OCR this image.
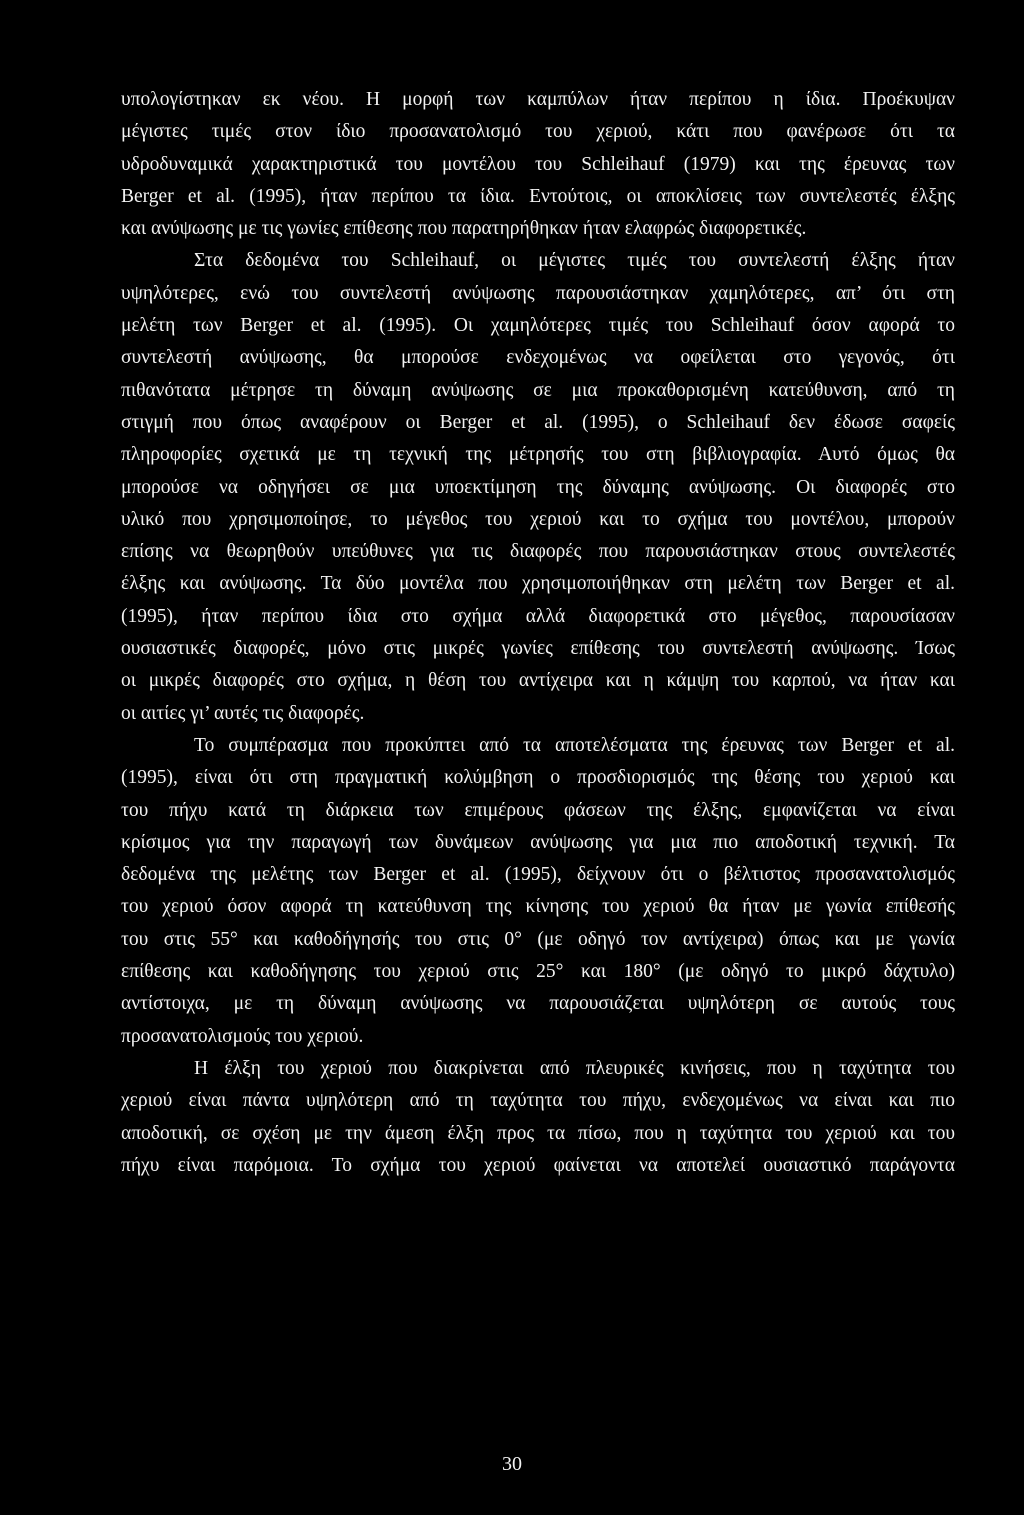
υπολογίστηκαν εκ νέου. Η μορφή των καμπύλων ήταν περίπου η ίδια. Προέκυψαν
μέγιστες τιμές στον ίδιο προσανατολισμό του χεριού, κάτι που φανέρωσε ότι τα
υδροδυναμικά χαρακτηριστικά του μοντέλου του Schleihauf (1979) και της έρευνας των
Berger et al. (1995), ήταν περίπου τα ίδια. Εντούτοις, οι αποκλίσεις των συντελεστές έλξης
και ανύψωσης με τις γωνίες επίθεσης που παρατηρήθηκαν ήταν ελαφρώς διαφορετικές.
Στα δεδομένα του Schleihauf, οι μέγιστες τιμές του συντελεστή έλξης ήταν
υψηλότερες, ενώ του συντελεστή ανύψωσης παρουσιάστηκαν χαμηλότερες, απ’ ότι στη
μελέτη των Berger et al. (1995). Οι χαμηλότερες τιμές του Schleihauf όσον αφορά το
συντελεστή ανύψωσης, θα μπορούσε ενδεχομένως να οφείλεται στο γεγονός, ότι
πιθανότατα μέτρησε τη δύναμη ανύψωσης σε μια προκαθορισμένη κατεύθυνση, από τη
στιγμή που όπως αναφέρουν οι Berger et al. (1995), ο Schleihauf δεν έδωσε σαφείς
πληροφορίες σχετικά με τη τεχνική της μέτρησής του στη βιβλιογραφία. Αυτό όμως θα
μπορούσε να οδηγήσει σε μια υποεκτίμηση της δύναμης ανύψωσης. Οι διαφορές στο
υλικό που χρησιμοποίησε, το μέγεθος του χεριού και το σχήμα του μοντέλου, μπορούν
επίσης να θεωρηθούν υπεύθυνες για τις διαφορές που παρουσιάστηκαν στους συντελεστές
έλξης και ανύψωσης. Τα δύο μοντέλα που χρησιμοποιήθηκαν στη μελέτη των Berger et al.
(1995), ήταν περίπου ίδια στο σχήμα αλλά διαφορετικά στο μέγεθος, παρουσίασαν
ουσιαστικές διαφορές, μόνο στις μικρές γωνίες επίθεσης του συντελεστή ανύψωσης. Ίσως
οι μικρές διαφορές στο σχήμα, η θέση του αντίχειρα και η κάμψη του καρπού, να ήταν και
οι αιτίες γι’ αυτές τις διαφορές.
Το συμπέρασμα που προκύπτει από τα αποτελέσματα της έρευνας των Berger et al.
(1995), είναι ότι στη πραγματική κολύμβηση ο προσδιορισμός της θέσης του χεριού και
του πήχυ κατά τη διάρκεια των επιμέρους φάσεων της έλξης, εμφανίζεται να είναι
κρίσιμος για την παραγωγή των δυνάμεων ανύψωσης για μια πιο αποδοτική τεχνική. Τα
δεδομένα της μελέτης των Berger et al. (1995), δείχνουν ότι ο βέλτιστος προσανατολισμός
του χεριού όσον αφορά τη κατεύθυνση της κίνησης του χεριού θα ήταν με γωνία επίθεσής
του στις 55° και καθοδήγησής του στις 0° (με οδηγό τον αντίχειρα) όπως και με γωνία
επίθεσης και καθοδήγησης του χεριού στις 25° και 180° (με οδηγό το μικρό δάχτυλο)
αντίστοιχα, με τη δύναμη ανύψωσης να παρουσιάζεται υψηλότερη σε αυτούς τους
προσανατολισμούς του χεριού.
Η έλξη του χεριού που διακρίνεται από πλευρικές κινήσεις, που η ταχύτητα του
χεριού είναι πάντα υψηλότερη από τη ταχύτητα του πήχυ, ενδεχομένως να είναι και πιο
αποδοτική, σε σχέση με την άμεση έλξη προς τα πίσω, που η ταχύτητα του χεριού και του
πήχυ είναι παρόμοια. Το σχήμα του χεριού φαίνεται να αποτελεί ουσιαστικό παράγοντα
30
